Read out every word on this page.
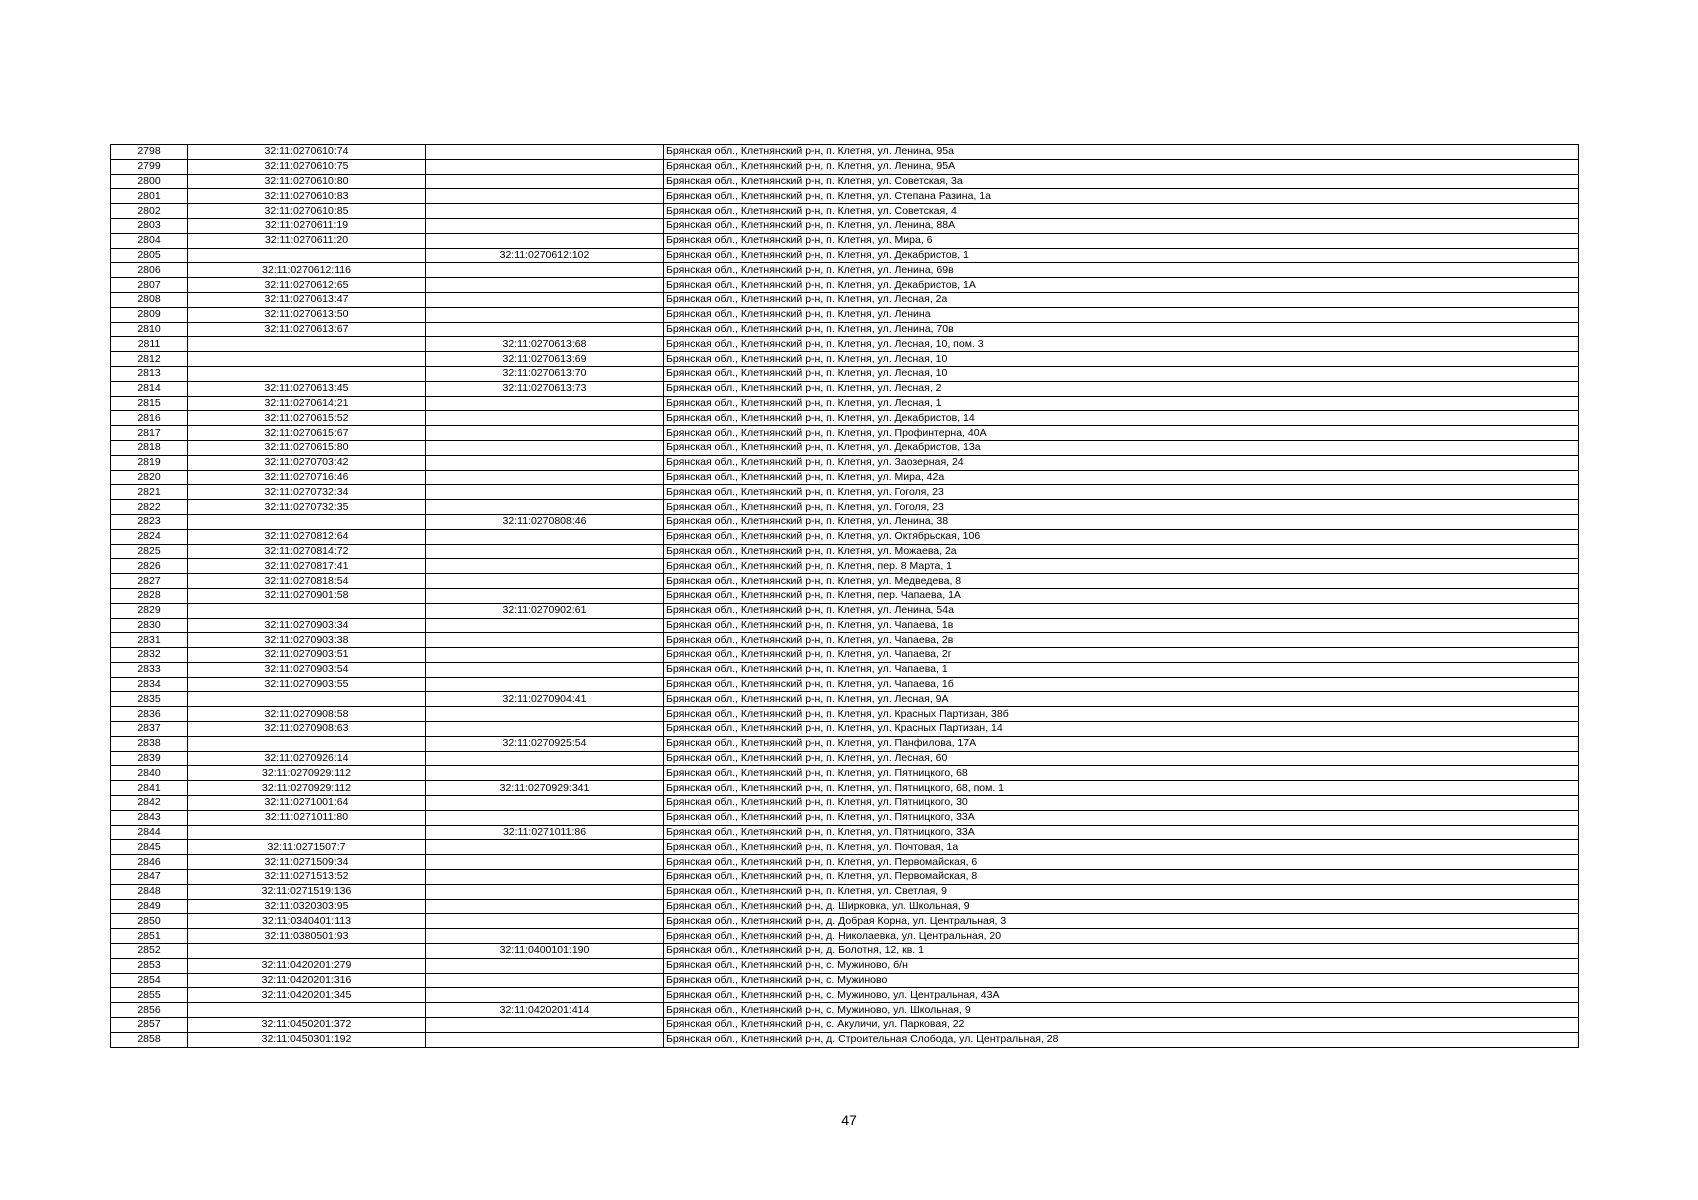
2798	32:11:0270610:74		Брянская обл., Клетнянский р-н, п. Клетня, ул. Ленина, 95а
2799	32:11:0270610:75		Брянская обл., Клетнянский р-н, п. Клетня, ул. Ленина, 95А
2800	32:11:0270610:80		Брянская обл., Клетнянский р-н, п. Клетня, ул. Советская, 3а
2801	32:11:0270610:83		Брянская обл., Клетнянский р-н, п. Клетня, ул. Степана Разина, 1а
2802	32:11:0270610:85		Брянская обл., Клетнянский р-н, п. Клетня, ул. Советская, 4
2803	32:11:0270611:19		Брянская обл., Клетнянский р-н, п. Клетня, ул. Ленина, 88А
2804	32:11:0270611:20		Брянская обл., Клетнянский р-н, п. Клетня, ул. Мира, 6
2805		32:11:0270612:102	Брянская обл., Клетнянский р-н, п. Клетня, ул. Декабристов, 1
2806	32:11:0270612:116		Брянская обл., Клетнянский р-н, п. Клетня, ул. Ленина, 69в
2807	32:11:0270612:65		Брянская обл., Клетнянский р-н, п. Клетня, ул. Декабристов, 1А
2808	32:11:0270613:47		Брянская обл., Клетнянский р-н, п. Клетня, ул. Лесная, 2а
2809	32:11:0270613:50		Брянская обл., Клетнянский р-н, п. Клетня, ул. Ленина
2810	32:11:0270613:67		Брянская обл., Клетнянский р-н, п. Клетня, ул. Ленина, 70в
2811		32:11:0270613:68	Брянская обл., Клетнянский р-н, п. Клетня, ул. Лесная, 10, пом. 3
2812		32:11:0270613:69	Брянская обл., Клетнянский р-н, п. Клетня, ул. Лесная, 10
2813		32:11:0270613:70	Брянская обл., Клетнянский р-н, п. Клетня, ул. Лесная, 10
2814	32:11:0270613:45	32:11:0270613:73	Брянская обл., Клетнянский р-н, п. Клетня, ул. Лесная, 2
2815	32:11:0270614:21		Брянская обл., Клетнянский р-н, п. Клетня, ул. Лесная, 1
2816	32:11:0270615:52		Брянская обл., Клетнянский р-н, п. Клетня, ул. Декабристов, 14
2817	32:11:0270615:67		Брянская обл., Клетнянский р-н, п. Клетня, ул. Профинтерна, 40А
2818	32:11:0270615:80		Брянская обл., Клетнянский р-н, п. Клетня, ул. Декабристов, 13а
2819	32:11:0270703:42		Брянская обл., Клетнянский р-н, п. Клетня, ул. Заозерная, 24
2820	32:11:0270716:46		Брянская обл., Клетнянский р-н, п. Клетня, ул. Мира, 42а
2821	32:11:0270732:34		Брянская обл., Клетнянский р-н, п. Клетня, ул. Гоголя, 23
2822	32:11:0270732:35		Брянская обл., Клетнянский р-н, п. Клетня, ул. Гоголя, 23
2823		32:11:0270808:46	Брянская обл., Клетнянский р-н, п. Клетня, ул. Ленина, 38
2824	32:11:0270812:64		Брянская обл., Клетнянский р-н, п. Клетня, ул. Октябрьская, 106
2825	32:11:0270814:72		Брянская обл., Клетнянский р-н, п. Клетня, ул. Можаева, 2а
2826	32:11:0270817:41		Брянская обл., Клетнянский р-н, п. Клетня, пер. 8 Марта, 1
2827	32:11:0270818:54		Брянская обл., Клетнянский р-н, п. Клетня, ул. Медведева, 8
2828	32:11:0270901:58		Брянская обл., Клетнянский р-н, п. Клетня, пер. Чапаева, 1А
2829		32:11:0270902:61	Брянская обл., Клетнянский р-н, п. Клетня, ул. Ленина, 54а
2830	32:11:0270903:34		Брянская обл., Клетнянский р-н, п. Клетня, ул. Чапаева, 1в
2831	32:11:0270903:38		Брянская обл., Клетнянский р-н, п. Клетня, ул. Чапаева, 2в
2832	32:11:0270903:51		Брянская обл., Клетнянский р-н, п. Клетня, ул. Чапаева, 2г
2833	32:11:0270903:54		Брянская обл., Клетнянский р-н, п. Клетня, ул. Чапаева, 1
2834	32:11:0270903:55		Брянская обл., Клетнянский р-н, п. Клетня, ул. Чапаева, 1б
2835		32:11:0270904:41	Брянская обл., Клетнянский р-н, п. Клетня, ул. Лесная, 9А
2836	32:11:0270908:58		Брянская обл., Клетнянский р-н, п. Клетня, ул. Красных Партизан, 38б
2837	32:11:0270908:63		Брянская обл., Клетнянский р-н, п. Клетня, ул. Красных Партизан, 14
2838		32:11:0270925:54	Брянская обл., Клетнянский р-н, п. Клетня, ул. Панфилова, 17А
2839	32:11:0270926:14		Брянская обл., Клетнянский р-н, п. Клетня, ул. Лесная, 60
2840	32:11:0270929:112		Брянская обл., Клетнянский р-н, п. Клетня, ул. Пятницкого, 68
2841	32:11:0270929:112	32:11:0270929:341	Брянская обл., Клетнянский р-н, п. Клетня, ул. Пятницкого, 68, пом. 1
2842	32:11:0271001:64		Брянская обл., Клетнянский р-н, п. Клетня, ул. Пятницкого, 30
2843	32:11:0271011:80		Брянская обл., Клетнянский р-н, п. Клетня, ул. Пятницкого, 33А
2844		32:11:0271011:86	Брянская обл., Клетнянский р-н, п. Клетня, ул. Пятницкого, 33А
2845	32:11:0271507:7		Брянская обл., Клетнянский р-н, п. Клетня, ул. Почтовая, 1а
2846	32:11:0271509:34		Брянская обл., Клетнянский р-н, п. Клетня, ул. Первомайская, 6
2847	32:11:0271513:52		Брянская обл., Клетнянский р-н, п. Клетня, ул. Первомайская, 8
2848	32:11:0271519:136		Брянская обл., Клетнянский р-н, п. Клетня, ул. Светлая, 9
2849	32:11:0320303:95		Брянская обл., Клетнянский р-н, д. Ширковка, ул. Школьная, 9
2850	32:11:0340401:113		Брянская обл., Клетнянский р-н, д. Добрая Корна, ул. Центральная, 3
2851	32:11:0380501:93		Брянская обл., Клетнянский р-н, д. Николаевка, ул. Центральная, 20
2852		32:11:0400101:190	Брянская обл., Клетнянский р-н, д. Болотня, 12, кв. 1
2853	32:11:0420201:279		Брянская обл., Клетнянский р-н, с. Мужиново, б/н
2854	32:11:0420201:316		Брянская обл., Клетнянский р-н, с. Мужиново
2855	32:11:0420201:345		Брянская обл., Клетнянский р-н, с. Мужиново, ул. Центральная, 43А
2856		32:11:0420201:414	Брянская обл., Клетнянский р-н, с. Мужиново, ул. Школьная, 9
2857	32:11:0450201:372		Брянская обл., Клетнянский р-н, с. Акуличи, ул. Парковая, 22
2858	32:11:0450301:192		Брянская обл., Клетнянский р-н, д. Строительная Слобода, ул. Центральная, 28
47
